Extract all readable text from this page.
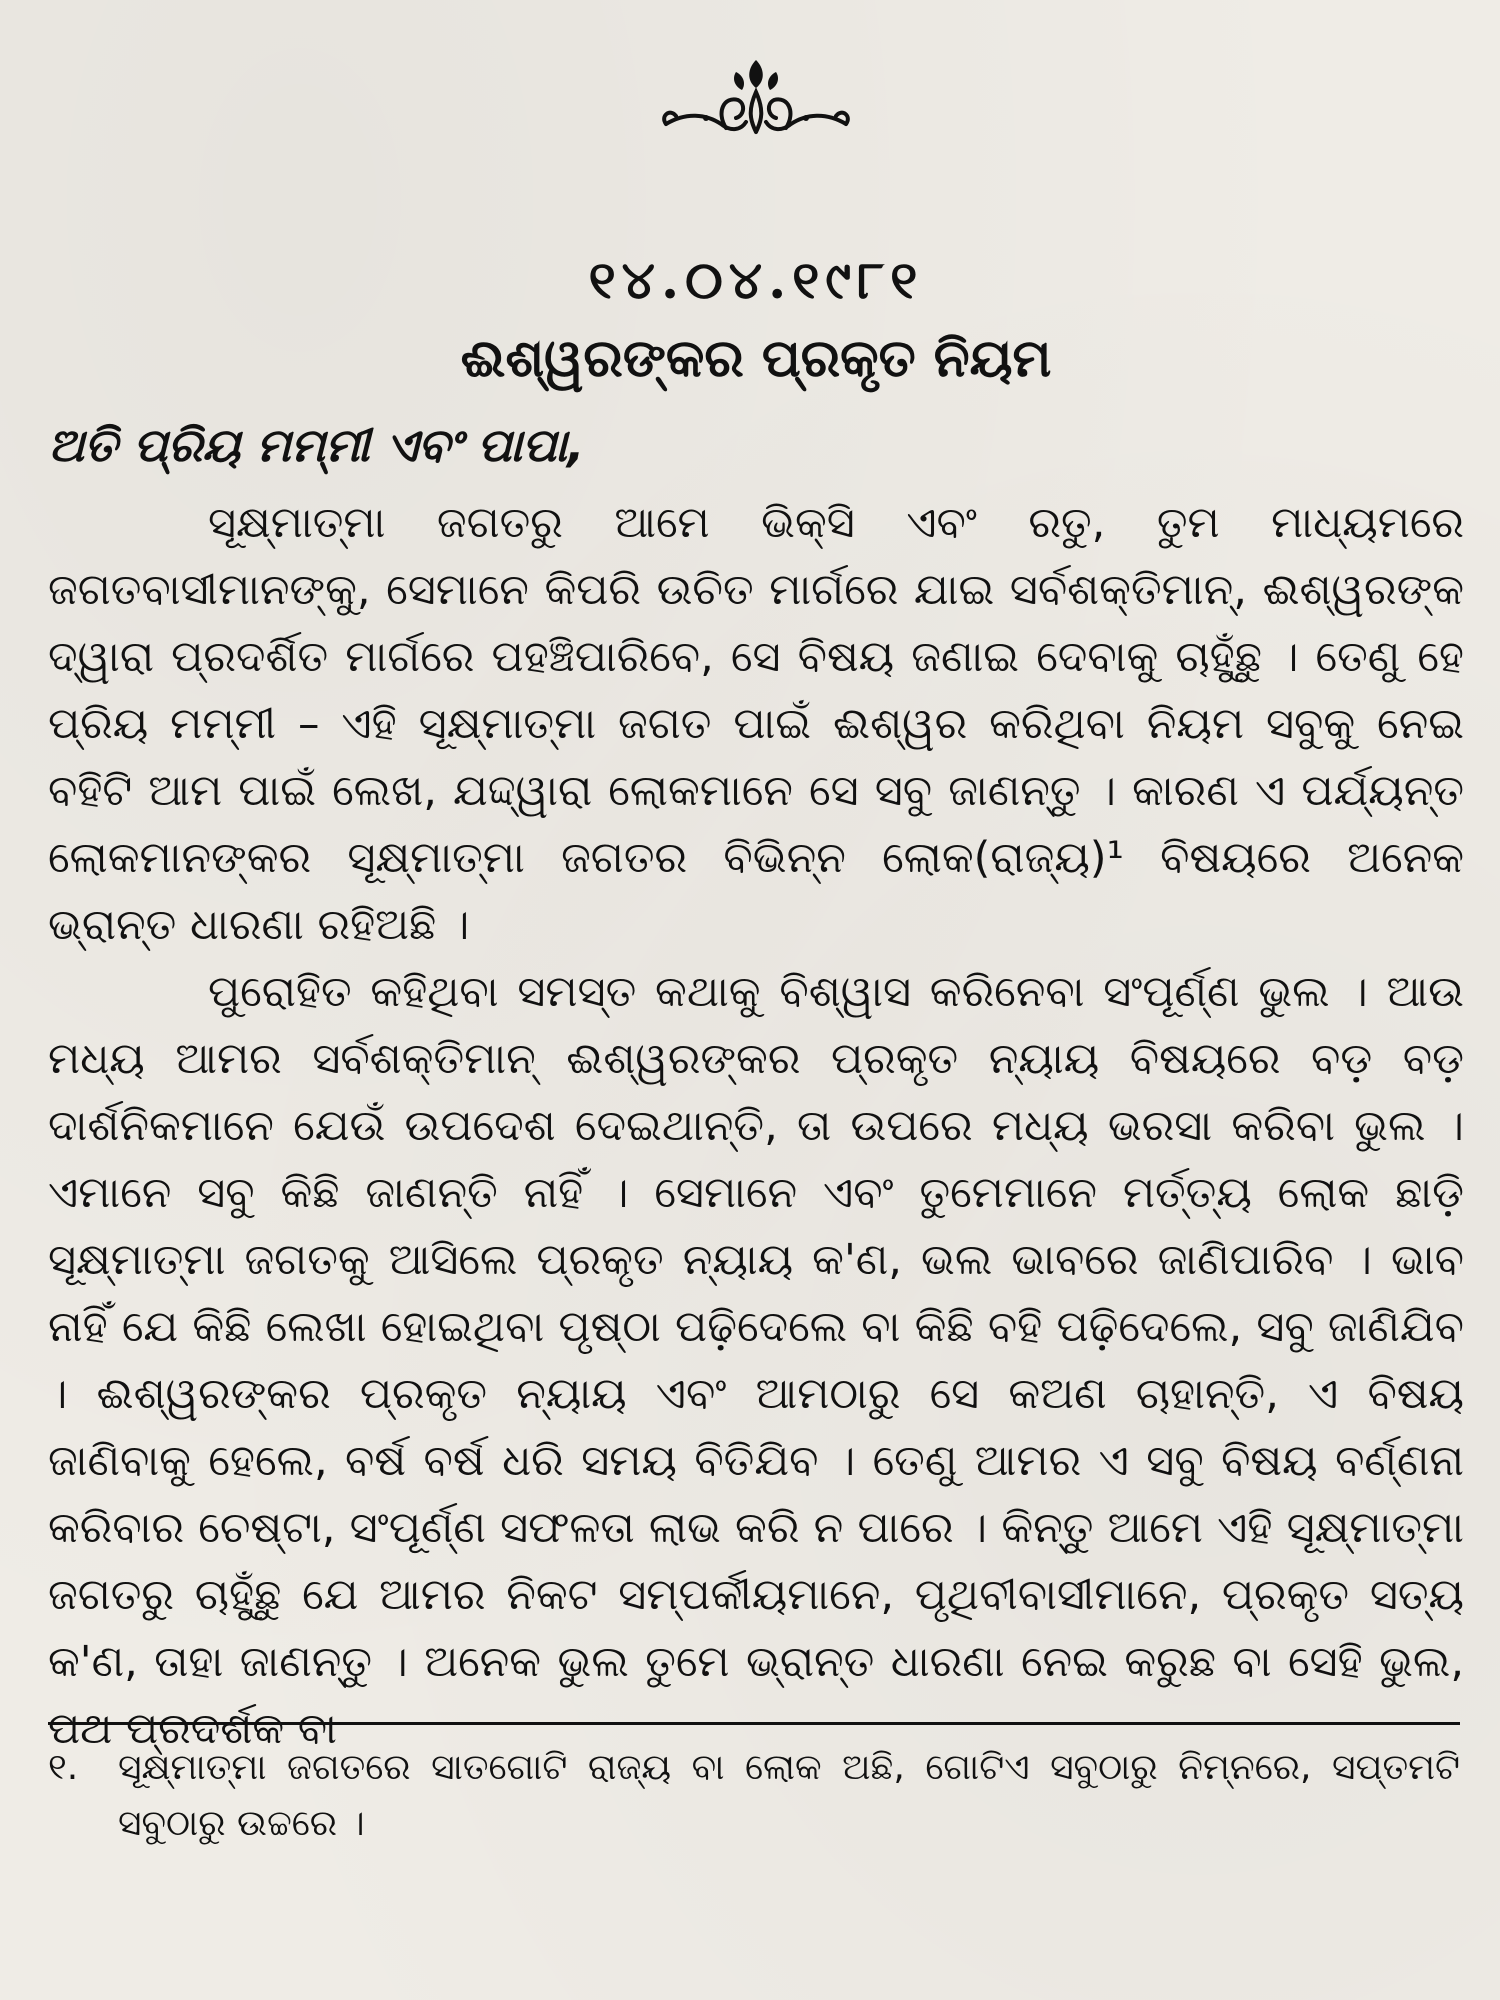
୧୪.୦୪.୧୯୮୧
ଈଶ୍ୱରଙ୍କର ପ୍ରକୃତ ନିୟମ
ଅତି ପ୍ରିୟ ମମ୍ମୀ ଏବଂ ପାପା,

ସୂକ୍ଷ୍ମାତ୍ମା ଜଗତରୁ ଆମେ ଭିକ୍ସି ଏବଂ ରତୁ, ତୁମ ମାଧ୍ୟମରେ ଜଗତବାସୀମାନଙ୍କୁ, ସେମାନେ କିପରି ଉଚିତ ମାର୍ଗରେ ଯାଇ ସର୍ବଶକ୍ତିମାନ୍, ଈଶ୍ୱରଙ୍କ ଦ୍ୱାରା ପ୍ରଦର୍ଶିତ ମାର୍ଗରେ ପହଞ୍ଚିପାରିବେ, ସେ ବିଷୟ ଜଣାଇ ଦେବାକୁ ଚାହୁଁଛୁ । ତେଣୁ ହେ ପ୍ରିୟ ମମ୍ମୀ – ଏହି ସୂକ୍ଷ୍ମାତ୍ମା ଜଗତ ପାଇଁ ଈଶ୍ୱର କରିଥିବା ନିୟମ ସବୁକୁ ନେଇ ବହିଟି ଆମ ପାଇଁ ଲେଖ, ଯଦ୍ଦ୍ୱାରା ଲୋକମାନେ ସେ ସବୁ ଜାଣନ୍ତୁ । କାରଣ ଏ ପର୍ଯ୍ୟନ୍ତ ଲୋକମାନଙ୍କର ସୂକ୍ଷ୍ମାତ୍ମା ଜଗତର ବିଭିନ୍ନ ଲୋକ(ରାଜ୍ୟ)¹ ବିଷୟରେ ଅନେକ ଭ୍ରାନ୍ତ ଧାରଣା ରହିଅଛି ।

ପୁରୋହିତ କହିଥିବା ସମସ୍ତ କଥାକୁ ବିଶ୍ୱାସ କରିନେବା ସଂପୂର୍ଣ୍ଣ ଭୁଲ । ଆଉ ମଧ୍ୟ ଆମର ସର୍ବଶକ୍ତିମାନ୍ ଈଶ୍ୱରଙ୍କର ପ୍ରକୃତ ନ୍ୟାୟ ବିଷୟରେ ବଡ଼ ବଡ଼ ଦାର୍ଶନିକମାନେ ଯେଉଁ ଉପଦେଶ ଦେଇଥାନ୍ତି, ତା ଉପରେ ମଧ୍ୟ ଭରସା କରିବା ଭୁଲ । ଏମାନେ ସବୁ କିଛି ଜାଣନ୍ତି ନାହିଁ । ସେମାନେ ଏବଂ ତୁମେମାନେ ମର୍ତ୍ତ୍ୟ ଲୋକ ଛାଡ଼ି ସୂକ୍ଷ୍ମାତ୍ମା ଜଗତକୁ ଆସିଲେ ପ୍ରକୃତ ନ୍ୟାୟ କ'ଣ, ଭଲ ଭାବରେ ଜାଣିପାରିବ । ଭାବ ନାହିଁ ଯେ କିଛି ଲେଖା ହୋଇଥିବା ପୃଷ୍ଠା ପଢ଼ିଦେଲେ ବା କିଛି ବହି ପଢ଼ିଦେଲେ, ସବୁ ଜାଣିଯିବ । ଈଶ୍ୱରଙ୍କର ପ୍ରକୃତ ନ୍ୟାୟ ଏବଂ ଆମଠାରୁ ସେ କଅଣ ଚାହାନ୍ତି, ଏ ବିଷୟ ଜାଣିବାକୁ ହେଲେ, ବର୍ଷ ବର୍ଷ ଧରି ସମୟ ବିତିଯିବ । ତେଣୁ ଆମର ଏ ସବୁ ବିଷୟ ବର୍ଣ୍ଣନା କରିବାର ଚେଷ୍ଟା, ସଂପୂର୍ଣ୍ଣ ସଫଳତା ଲାଭ କରି ନ ପାରେ । କିନ୍ତୁ ଆମେ ଏହି ସୂକ୍ଷ୍ମାତ୍ମା ଜଗତରୁ ଚାହୁଁଛୁ ଯେ ଆମର ନିକଟ ସମ୍ପର୍କୀୟମାନେ, ପୃଥିବୀବାସୀମାନେ, ପ୍ରକୃତ ସତ୍ୟ କ'ଣ, ତାହା ଜାଣନ୍ତୁ । ଅନେକ ଭୁଲ ତୁମେ ଭ୍ରାନ୍ତ ଧାରଣା ନେଇ କରୁଛ ବା ସେହି ଭୁଲ, ପଥ ପ୍ରଦର୍ଶକ ବା

୧.	ସୂକ୍ଷ୍ମାତ୍ମା ଜଗତରେ ସାତଗୋଟି ରାଜ୍ୟ ବା ଲୋକ ଅଛି, ଗୋଟିଏ ସବୁଠାରୁ ନିମ୍ନରେ, ସପ୍ତମଟି ସବୁଠାରୁ ଉଚ୍ଚରେ ।
